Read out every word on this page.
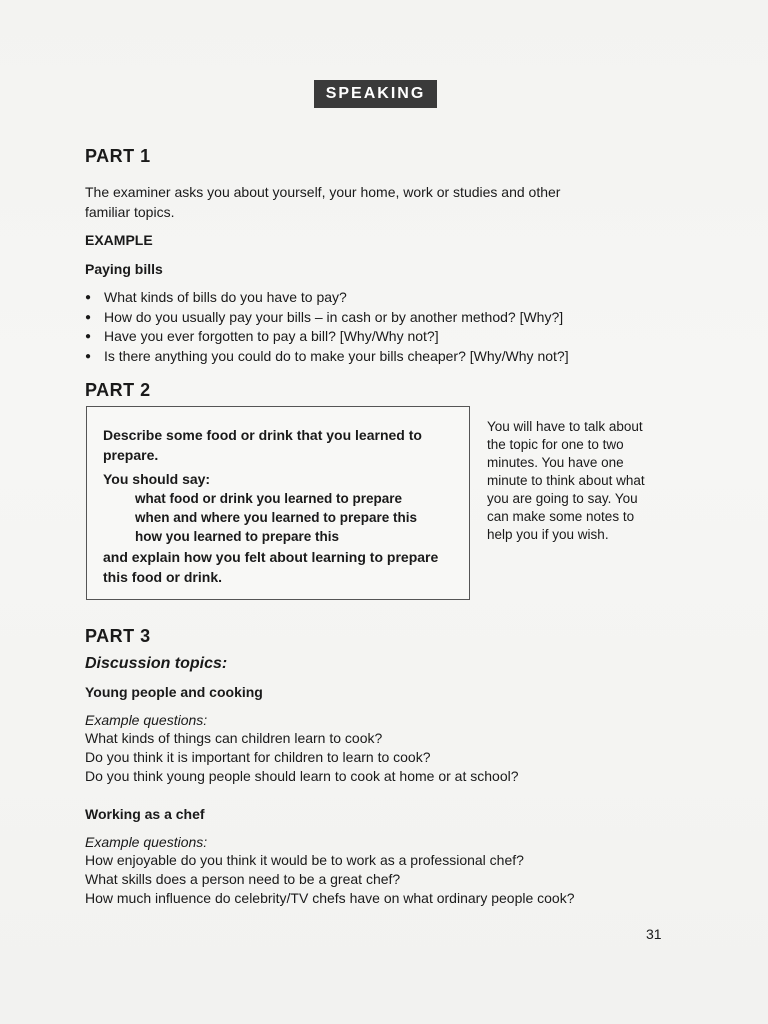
SPEAKING
PART 1
The examiner asks you about yourself, your home, work or studies and other familiar topics.
EXAMPLE
Paying bills
● What kinds of bills do you have to pay?
● How do you usually pay your bills – in cash or by another method? [Why?]
● Have you ever forgotten to pay a bill? [Why/Why not?]
● Is there anything you could do to make your bills cheaper? [Why/Why not?]
PART 2
Describe some food or drink that you learned to prepare.
You should say:
what food or drink you learned to prepare
when and where you learned to prepare this
how you learned to prepare this
and explain how you felt about learning to prepare this food or drink.
You will have to talk about the topic for one to two minutes. You have one minute to think about what you are going to say. You can make some notes to help you if you wish.
PART 3
Discussion topics:
Young people and cooking
Example questions:
What kinds of things can children learn to cook?
Do you think it is important for children to learn to cook?
Do you think young people should learn to cook at home or at school?
Working as a chef
Example questions:
How enjoyable do you think it would be to work as a professional chef?
What skills does a person need to be a great chef?
How much influence do celebrity/TV chefs have on what ordinary people cook?
31
